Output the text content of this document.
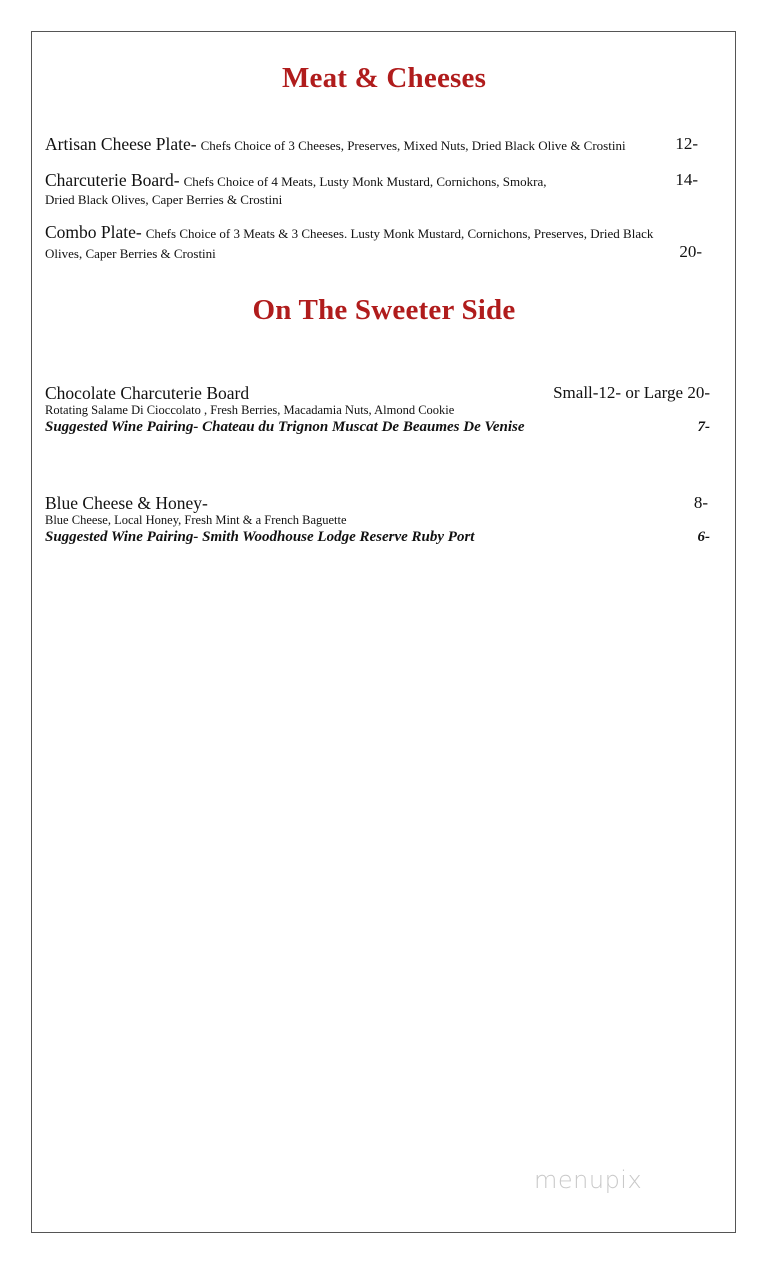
Meat & Cheeses
Artisan Cheese Plate- Chefs Choice of 3 Cheeses, Preserves, Mixed Nuts, Dried Black Olive & Crostini	12-
Charcuterie Board- Chefs Choice of 4 Meats, Lusty Monk Mustard, Cornichons, Smokra,	14-
Dried Black Olives, Caper Berries & Crostini
Combo Plate- Chefs Choice of 3 Meats & 3 Cheeses. Lusty Monk Mustard, Cornichons, Preserves, Dried Black
Olives, Caper Berries & Crostini	20-
On The Sweeter Side
Chocolate Charcuterie Board	Small-12- or Large 20-
Rotating Salame Di Cioccolato , Fresh Berries, Macadamia Nuts, Almond Cookie
Suggested Wine Pairing- Chateau du Trignon Muscat De Beaumes De Venise	7-
Blue Cheese & Honey-	8-
Blue Cheese, Local Honey, Fresh Mint & a French Baguette
Suggested Wine Pairing- Smith Woodhouse Lodge Reserve Ruby Port	6-
menupix
